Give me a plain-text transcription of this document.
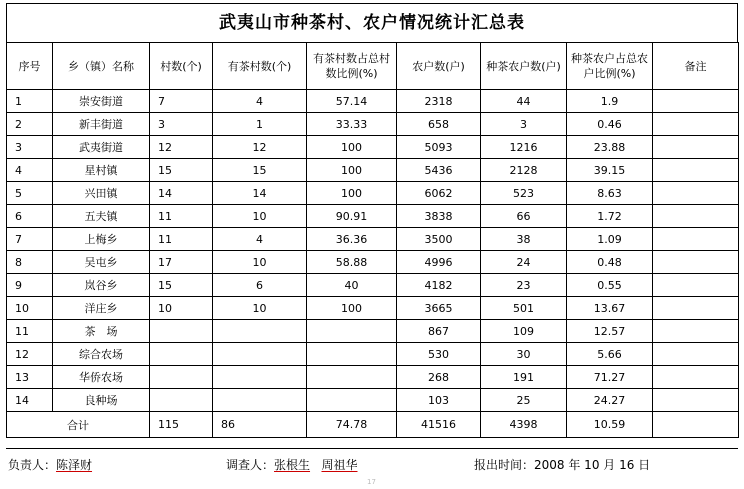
武夷山市种茶村、农户情况统计汇总表
序号	乡（镇）名称	村数(个)	有茶村数(个)	有茶村数占总村数比例(%)	农户数(户)	种茶农户数(户)	种茶农户占总农户比例(%)	备注
1	崇安街道	7	4	57.14	2318	44	1.9	
2	新丰街道	3	1	33.33	658	3	0.46	
3	武夷街道	12	12	100	5093	1216	23.88	
4	星村镇	15	15	100	5436	2128	39.15	
5	兴田镇	14	14	100	6062	523	8.63	
6	五夫镇	11	10	90.91	3838	66	1.72	
7	上梅乡	11	4	36.36	3500	38	1.09	
8	吴屯乡	17	10	58.88	4996	24	0.48	
9	岚谷乡	15	6	40	4182	23	0.55	
10	洋庄乡	10	10	100	3665	501	13.67	
11	茶　场				867	109	12.57	
12	综合农场				530	30	5.66	
13	华侨农场				268	191	71.27	
14	良种场				103	25	24.27	
合计		115	86	74.78	41516	4398	10.59	
负责人：陈泽财	调查人：张根生 周祖华	报出时间：2008 年 10 月 16 日
17
